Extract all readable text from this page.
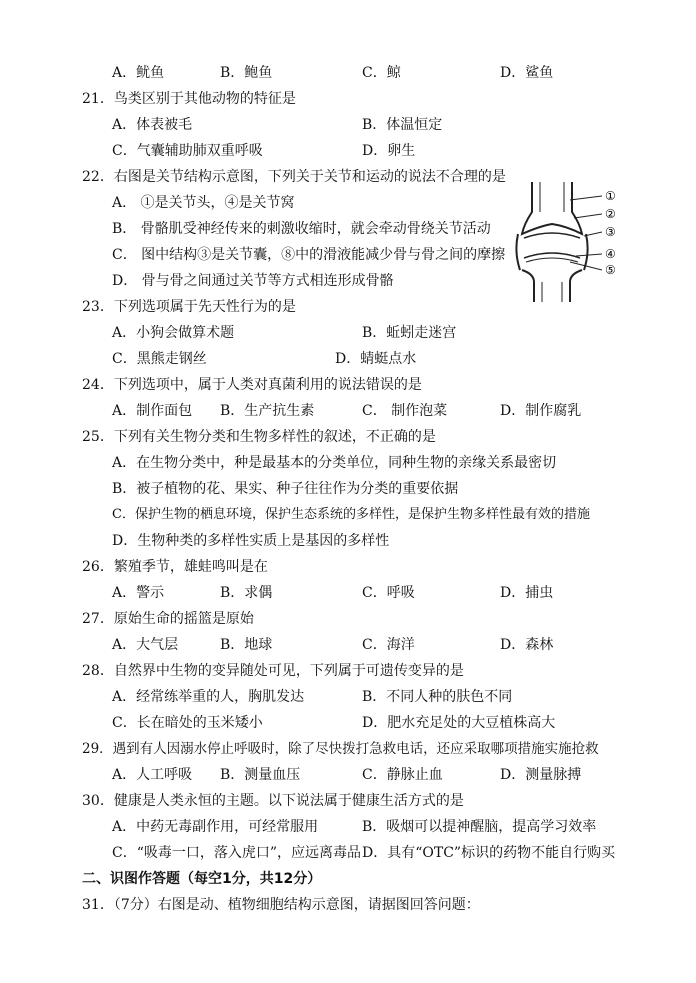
A．鱿鱼	B．鲍鱼	C．鲸	D．鲨鱼
21．鸟类区别于其他动物的特征是
A．体表被毛	B．体温恒定
C．气囊辅助肺双重呼吸	D．卵生
22．右图是关节结构示意图，下列关于关节和运动的说法不合理的是
A． ①是关节头，④是关节窝
B． 骨骼肌受神经传来的刺激收缩时，就会牵动骨绕关节活动
C． 图中结构③是关节囊，⑧中的滑液能减少骨与骨之间的摩擦
D． 骨与骨之间通过关节等方式相连形成骨骼
①
②
③
④
⑤
23．下列选项属于先天性行为的是
A．小狗会做算术题	B．蚯蚓走迷宫
C．黑熊走钢丝	D．蜻蜓点水
24．下列选项中，属于人类对真菌利用的说法错误的是
A．制作面包 B．生产抗生素	C． 制作泡菜	D．制作腐乳
25．下列有关生物分类和生物多样性的叙述，不正确的是
A．在生物分类中，种是最基本的分类单位，同种生物的亲缘关系最密切
B．被子植物的花、果实、种子往往作为分类的重要依据
C．保护生物的栖息环境，保护生态系统的多样性，是保护生物多样性最有效的措施
D．生物种类的多样性实质上是基因的多样性
26．繁殖季节，雄蛙鸣叫是在
A．警示	B．求偶	C．呼吸	D．捕虫
27．原始生命的摇篮是原始
A．大气层	B．地球	C．海洋	D．森林
28．自然界中生物的变异随处可见，下列属于可遗传变异的是
A．经常练举重的人，胸肌发达	B．不同人种的肤色不同
C．长在暗处的玉米矮小	D．肥水充足处的大豆植株高大
29．遇到有人因溺水停止呼吸时，除了尽快拨打急救电话，还应采取哪项措施实施抢救
A．人工呼吸 B．测量血压	C．静脉止血	D．测量脉搏
30．健康是人类永恒的主题。以下说法属于健康生活方式的是
A．中药无毒副作用，可经常服用	B．吸烟可以提神醒脑，提高学习效率
C．“吸毒一口，落入虎口”，应远离毒品 D．具有“OTC”标识的药物不能自行购买
二、识图作答题（每空1分，共12分）
31．（7分）右图是动、植物细胞结构示意图，请据图回答问题：
